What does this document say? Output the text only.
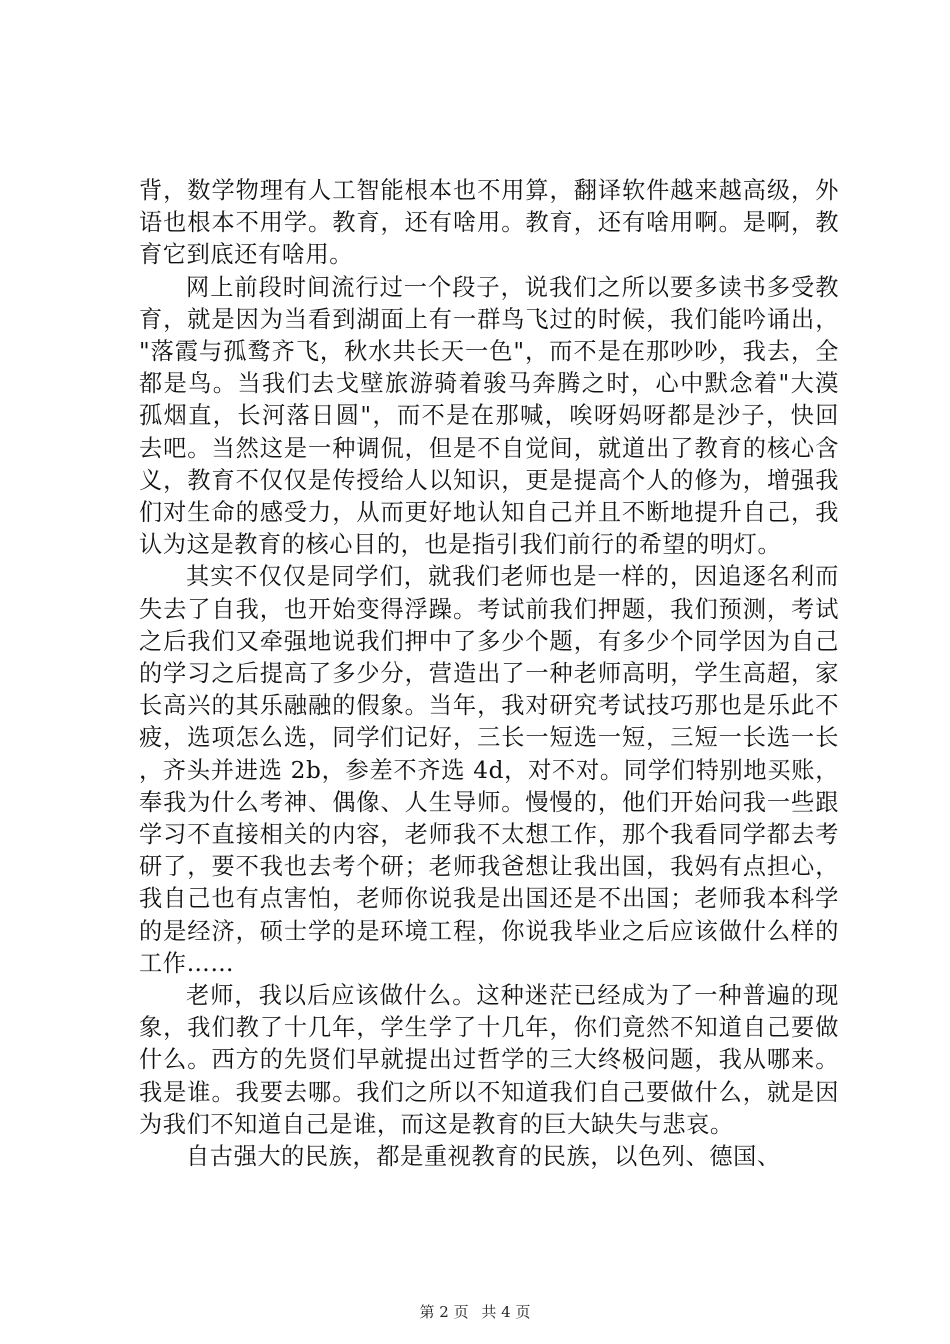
背，数学物理有人工智能根本也不用算，翻译软件越来越高级，外语也根本不用学。教育，还有啥用。教育，还有啥用啊。是啊，教育它到底还有啥用。

网上前段时间流行过一个段子，说我们之所以要多读书多受教育，就是因为当看到湖面上有一群鸟飞过的时候，我们能吟诵出，"落霞与孤鹜齐飞，秋水共长天一色"，而不是在那吵吵，我去，全都是鸟。当我们去戈壁旅游骑着骏马奔腾之时，心中默念着"大漠孤烟直，长河落日圆"，而不是在那喊，唉呀妈呀都是沙子，快回去吧。当然这是一种调侃，但是不自觉间，就道出了教育的核心含义，教育不仅仅是传授给人以知识，更是提高个人的修为，增强我们对生命的感受力，从而更好地认知自己并且不断地提升自己，我认为这是教育的核心目的，也是指引我们前行的希望的明灯。

其实不仅仅是同学们，就我们老师也是一样的，因追逐名利而失去了自我，也开始变得浮躁。考试前我们押题，我们预测，考试之后我们又牵强地说我们押中了多少个题，有多少个同学因为自己的学习之后提高了多少分，营造出了一种老师高明，学生高超，家长高兴的其乐融融的假象。当年，我对研究考试技巧那也是乐此不疲，选项怎么选，同学们记好，三长一短选一短，三短一长选一长，齐头并进选 2b，参差不齐选 4d，对不对。同学们特别地买账，奉我为什么考神、偶像、人生导师。慢慢的，他们开始问我一些跟学习不直接相关的内容，老师我不太想工作，那个我看同学都去考研了，要不我也去考个研；老师我爸想让我出国，我妈有点担心，我自己也有点害怕，老师你说我是出国还是不出国；老师我本科学的是经济，硕士学的是环境工程，你说我毕业之后应该做什么样的工作……

老师，我以后应该做什么。这种迷茫已经成为了一种普遍的现象，我们教了十几年，学生学了十几年，你们竟然不知道自己要做什么。西方的先贤们早就提出过哲学的三大终极问题，我从哪来。我是谁。我要去哪。我们之所以不知道我们自己要做什么，就是因为我们不知道自己是谁，而这是教育的巨大缺失与悲哀。

自古强大的民族，都是重视教育的民族，以色列、德国、

第 2 页 共 4 页
